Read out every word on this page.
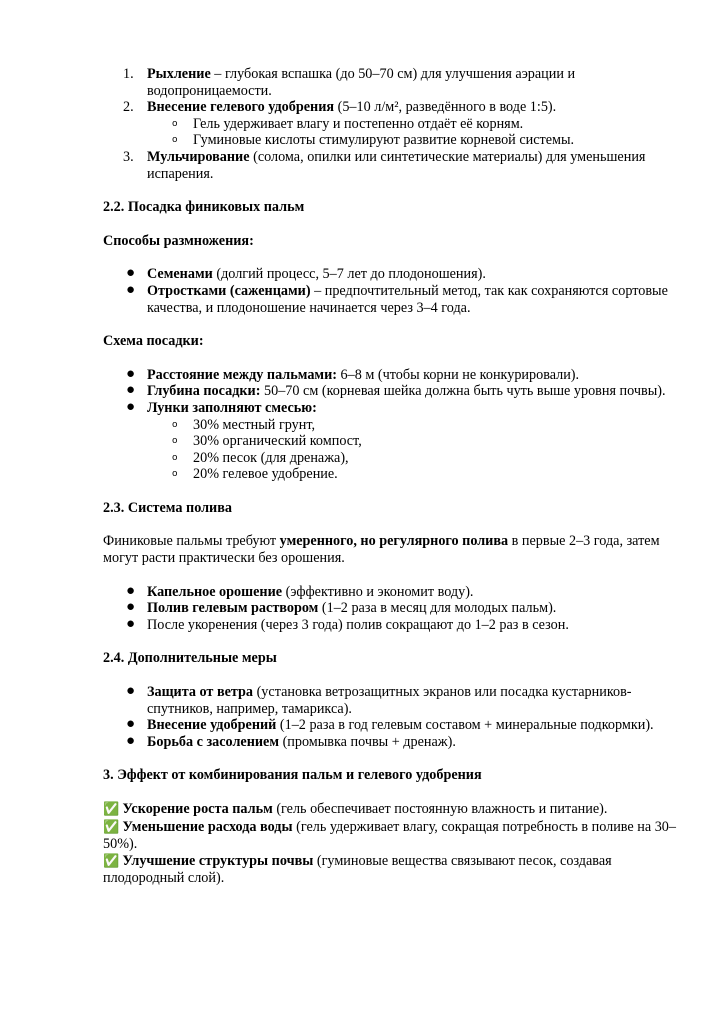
1. Рыхление – глубокая вспашка (до 50–70 см) для улучшения аэрации и водопроницаемости.
2. Внесение гелевого удобрения (5–10 л/м², разведённого в воде 1:5).
o Гель удерживает влагу и постепенно отдаёт её корням.
o Гуминовые кислоты стимулируют развитие корневой системы.
3. Мульчирование (солома, опилки или синтетические материалы) для уменьшения испарения.

2.2. Посадка финиковых пальм

Способы размножения:

● Семенами (долгий процесс, 5–7 лет до плодоношения).
● Отростками (саженцами) – предпочтительный метод, так как сохраняются сортовые качества, и плодоношение начинается через 3–4 года.

Схема посадки:

● Расстояние между пальмами: 6–8 м (чтобы корни не конкурировали).
● Глубина посадки: 50–70 см (корневая шейка должна быть чуть выше уровня почвы).
● Лунки заполняют смесью:
o 30% местный грунт,
o 30% органический компост,
o 20% песок (для дренажа),
o 20% гелевое удобрение.

2.3. Система полива

Финиковые пальмы требуют умеренного, но регулярного полива в первые 2–3 года, затем могут расти практически без орошения.

● Капельное орошение (эффективно и экономит воду).
● Полив гелевым раствором (1–2 раза в месяц для молодых пальм).
● После укоренения (через 3 года) полив сокращают до 1–2 раз в сезон.

2.4. Дополнительные меры

● Защита от ветра (установка ветрозащитных экранов или посадка кустарников-спутников, например, тамарикса).
● Внесение удобрений (1–2 раза в год гелевым составом + минеральные подкормки).
● Борьба с засолением (промывка почвы + дренаж).

3. Эффект от комбинирования пальм и гелевого удобрения

✅ Ускорение роста пальм (гель обеспечивает постоянную влажность и питание).

✅ Уменьшение расхода воды (гель удерживает влагу, сокращая потребность в поливе на 30–50%).

✅ Улучшение структуры почвы (гуминовые вещества связывают песок, создавая плодородный слой).
